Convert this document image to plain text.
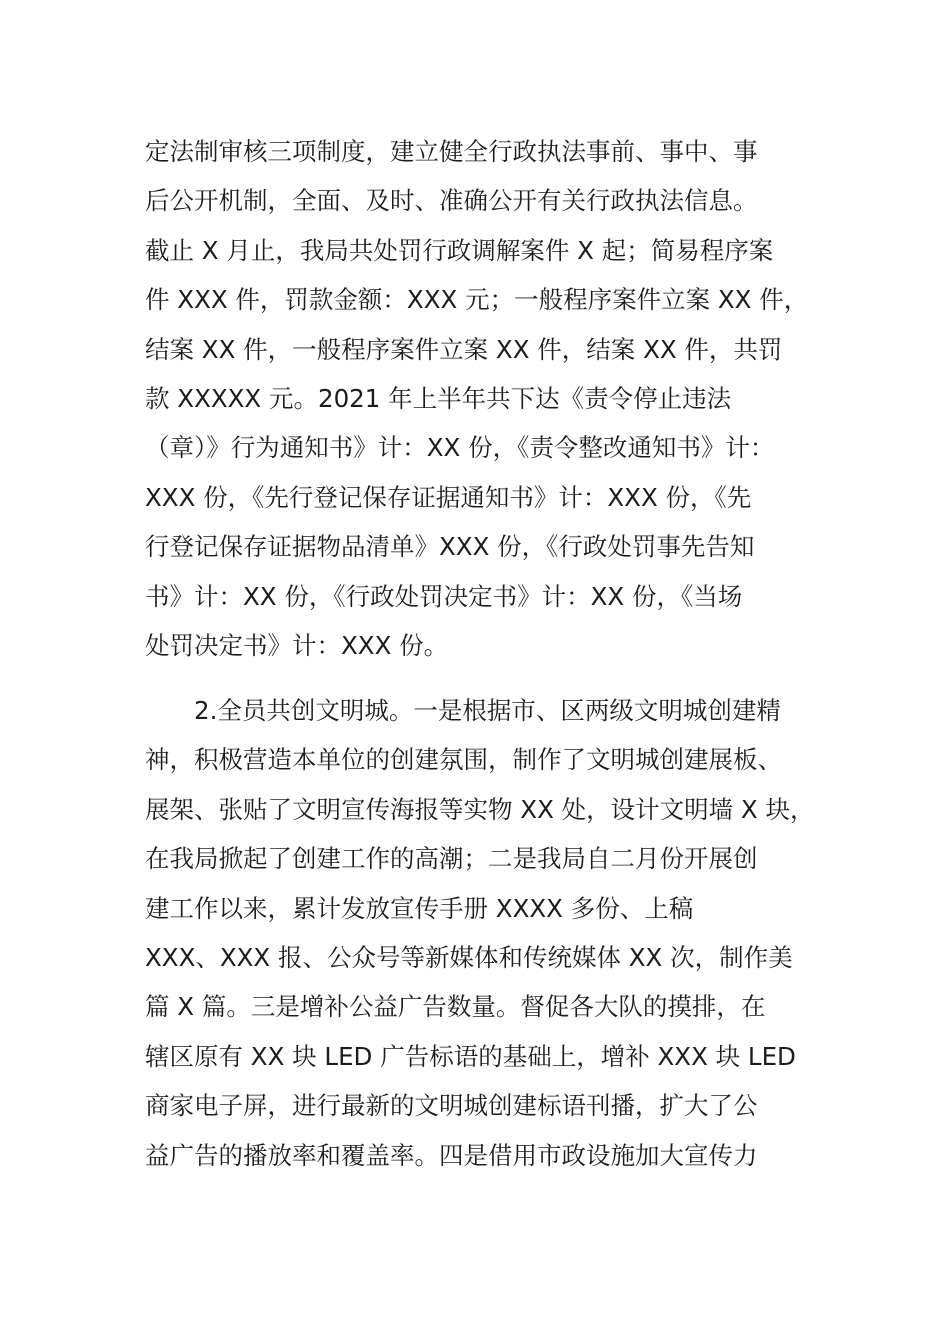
定法制审核三项制度，建立健全行政执法事前、事中、事
后公开机制，全面、及时、准确公开有关行政执法信息。
截止 X 月止，我局共处罚行政调解案件 X 起；简易程序案
件 XXX 件，罚款金额：XXX 元；一般程序案件立案 XX 件，
结案 XX 件，一般程序案件立案 XX 件，结案 XX 件，共罚
款 XXXXX 元。2021 年上半年共下达《责令停止违法
（章）》行为通知书》计：XX 份，《责令整改通知书》计：
XXX 份，《先行登记保存证据通知书》计：XXX 份，《先
行登记保存证据物品清单》XXX 份，《行政处罚事先告知
书》计：XX 份，《行政处罚决定书》计：XX 份，《当场
处罚决定书》计：XXX 份。
　　2.全员共创文明城。一是根据市、区两级文明城创建精
神，积极营造本单位的创建氛围，制作了文明城创建展板、
展架、张贴了文明宣传海报等实物 XX 处，设计文明墙 X 块，
在我局掀起了创建工作的高潮；二是我局自二月份开展创
建工作以来，累计发放宣传手册 XXXX 多份、上稿
XXX、XXX 报、公众号等新媒体和传统媒体 XX 次，制作美
篇 X 篇。三是增补公益广告数量。督促各大队的摸排，在
辖区原有 XX 块 LED 广告标语的基础上，增补 XXX 块 LED
商家电子屏，进行最新的文明城创建标语刊播，扩大了公
益广告的播放率和覆盖率。四是借用市政设施加大宣传力
